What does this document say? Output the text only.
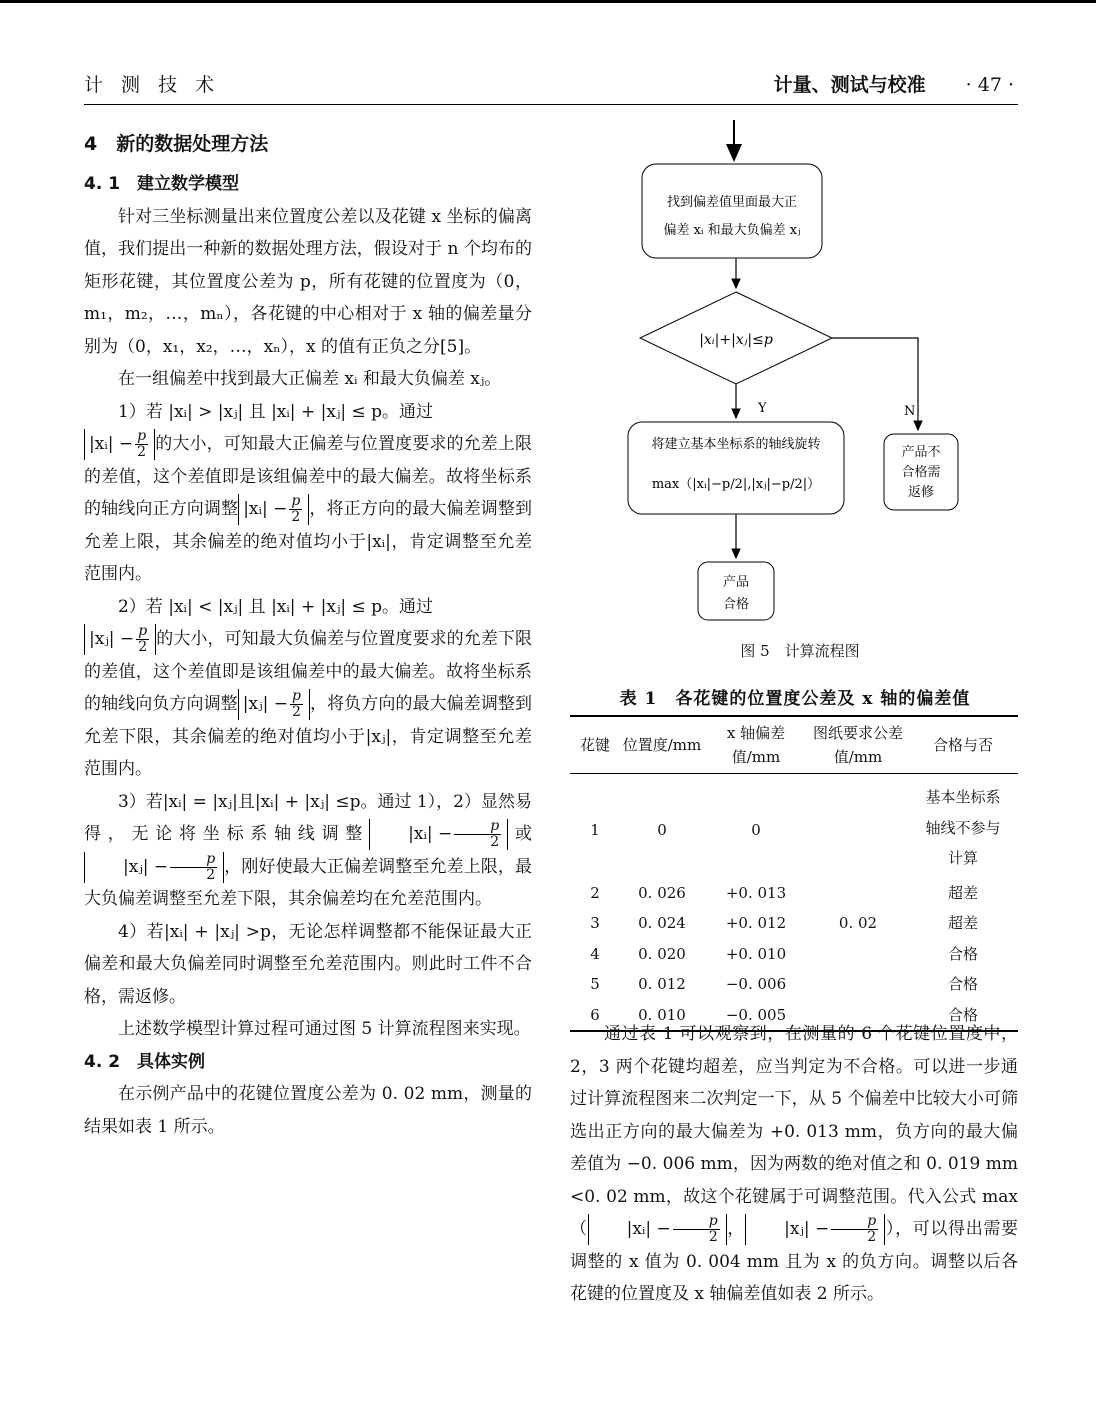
计 测 技 术	计量、测试与校准 · 47 ·
4　新的数据处理方法
4. 1　建立数学模型

针对三坐标测量出来位置度公差以及花键 x 坐标的偏离值，我们提出一种新的数据处理方法，假设对于 n 个均布的矩形花键，其位置度公差为 p，所有花键的位置度为（0，m₁，m₂，…，mₙ），各花键的中心相对于 x 轴的偏差量分别为（0，x₁，x₂，…，xₙ），x 的值有正负之分[5]。

在一组偏差中找到最大正偏差 xᵢ 和最大负偏差 xⱼ。

1）若 |xᵢ| > |xⱼ| 且 |xᵢ| + |xⱼ| ≤ p。通过

|xᵢ| − $\frac{p}{2}$ 的大小，可知最大正偏差与位置度要求的允差上限的差值，这个差值即是该组偏差中的最大偏差。故将坐标系的轴线向正方向调整 |xᵢ| − $\frac{p}{2}$ ，将正方向的最大偏差调整到允差上限，其余偏差的绝对值均小于|xᵢ|，肯定调整至允差范围内。

2）若 |xᵢ| < |xⱼ| 且 |xᵢ| + |xⱼ| ≤ p。通过

|xⱼ| − $\frac{p}{2}$ 的大小，可知最大负偏差与位置度要求的允差下限的差值，这个差值即是该组偏差中的最大偏差。故将坐标系的轴线向负方向调整 |xⱼ| − $\frac{p}{2}$ ，将负方向的最大偏差调整到允差下限，其余偏差的绝对值均小于|xⱼ|，肯定调整至允差范围内。

3）若|xᵢ| = |xⱼ|且|xᵢ| + |xⱼ| ≤p。通过 1），2）显然易得，无论将坐标系轴线调整 |xᵢ| − $\frac{p}{2}$ 或|xⱼ| − $\frac{p}{2}$ ，刚好使最大正偏差调整至允差上限，最大负偏差调整至允差下限，其余偏差均在允差范围内。

4）若|xᵢ| + |xⱼ| >p，无论怎样调整都不能保证最大正偏差和最大负偏差同时调整至允差范围内。则此时工件不合格，需返修。

上述数学模型计算过程可通过图 5 计算流程图来实现。

4. 2　具体实例

在示例产品中的花键位置度公差为 0. 02 mm，测量的结果如表 1 所示。

找到偏差值里面最大正
偏差 xᵢ 和最大负偏差 xⱼ
|xᵢ|+|xⱼ|≤p
Y	N
将建立基本坐标系的轴线旋转
max（|xᵢ|−p/2|,|xⱼ|−p/2|）
产品不
合格需
返修
产品
合格
图 5　计算流程图
表 1　各花键的位置度公差及 x 轴的偏差值
花键	位置度/mm	x 轴偏差值/mm	图纸要求公差值/mm	合格与否
1	0	0		基本坐标系轴线不参与计算
2	0. 026	+0. 013		超差
3	0. 024	+0. 012	0. 02	超差
4	0. 020	+0. 010		合格
5	0. 012	−0. 006		合格
6	0. 010	−0. 005		合格

通过表 1 可以观察到，在测量的 6 个花键位置度中，2，3 两个花键均超差，应当判定为不合格。可以进一步通过计算流程图来二次判定一下，从 5 个偏差中比较大小可筛选出正方向的最大偏差为 +0. 013 mm，负方向的最大偏差值为 −0. 006 mm，因为两数的绝对值之和 0. 019 mm <0. 02 mm，故这个花键属于可调整范围。代入公式 max（ |xᵢ| − $\frac{p}{2}$ ， |xⱼ| − $\frac{p}{2}$ ），可以得出需要调整的 x 值为 0. 004 mm 且为 x 的负方向。调整以后各花键的位置度及 x 轴偏差值如表 2 所示。
